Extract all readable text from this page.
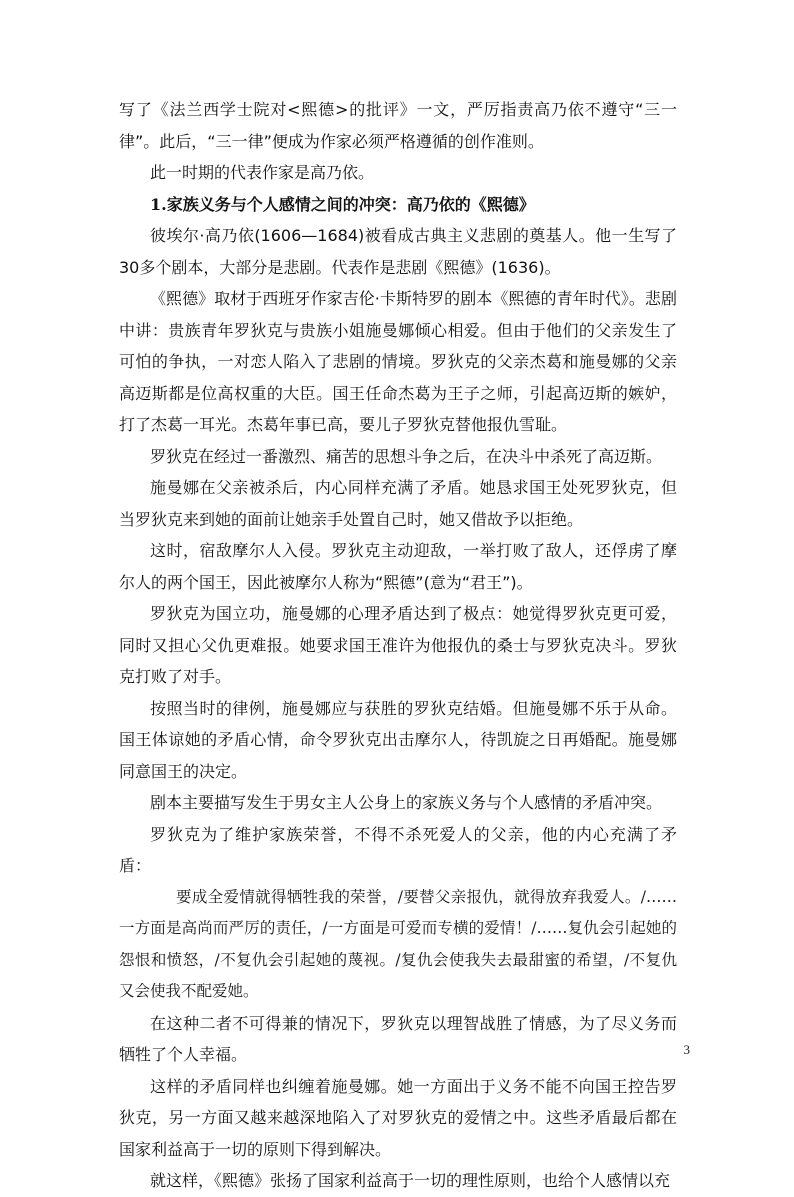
写了《法兰西学士院对<熙德>的批评》一文，严厉指责高乃依不遵守“三一律”。此后，“三一律”便成为作家必须严格遵循的创作准则。

此一时期的代表作家是高乃依。

1.家族义务与个人感情之间的冲突：高乃依的《熙德》

彼埃尔·高乃依(1606—1684)被看成古典主义悲剧的奠基人。他一生写了30多个剧本，大部分是悲剧。代表作是悲剧《熙德》(1636)。

《熙德》取材于西班牙作家吉伦·卡斯特罗的剧本《熙德的青年时代》。悲剧中讲：贵族青年罗狄克与贵族小姐施曼娜倾心相爱。但由于他们的父亲发生了可怕的争执，一对恋人陷入了悲剧的情境。罗狄克的父亲杰葛和施曼娜的父亲高迈斯都是位高权重的大臣。国王任命杰葛为王子之师，引起高迈斯的嫉妒，打了杰葛一耳光。杰葛年事已高，要儿子罗狄克替他报仇雪耻。

罗狄克在经过一番激烈、痛苦的思想斗争之后，在决斗中杀死了高迈斯。

施曼娜在父亲被杀后，内心同样充满了矛盾。她恳求国王处死罗狄克，但当罗狄克来到她的面前让她亲手处置自己时，她又借故予以拒绝。

这时，宿敌摩尔人入侵。罗狄克主动迎敌，一举打败了敌人，还俘虏了摩尔人的两个国王，因此被摩尔人称为“熙德”(意为“君王”)。

罗狄克为国立功，施曼娜的心理矛盾达到了极点：她觉得罗狄克更可爱，同时又担心父仇更难报。她要求国王准许为他报仇的桑士与罗狄克决斗。罗狄克打败了对手。

按照当时的律例，施曼娜应与获胜的罗狄克结婚。但施曼娜不乐于从命。国王体谅她的矛盾心情，命令罗狄克出击摩尔人，待凯旋之日再婚配。施曼娜同意国王的决定。

剧本主要描写发生于男女主人公身上的家族义务与个人感情的矛盾冲突。

罗狄克为了维护家族荣誉，不得不杀死爱人的父亲，他的内心充满了矛盾：

要成全爱情就得牺牲我的荣誉，/要替父亲报仇，就得放弃我爱人。/……一方面是高尚而严厉的责任，/一方面是可爱而专横的爱情！/……复仇会引起她的怨恨和愤怒，/不复仇会引起她的蔑视。/复仇会使我失去最甜蜜的希望，/不复仇又会使我不配爱她。

在这种二者不可得兼的情况下，罗狄克以理智战胜了情感，为了尽义务而牺牲了个人幸福。

这样的矛盾同样也纠缠着施曼娜。她一方面出于义务不能不向国王控告罗狄克，另一方面又越来越深地陷入了对罗狄克的爱情之中。这些矛盾最后都在国家利益高于一切的原则下得到解决。

就这样，《熙德》张扬了国家利益高于一切的理性原则，也给个人感情以充

3
